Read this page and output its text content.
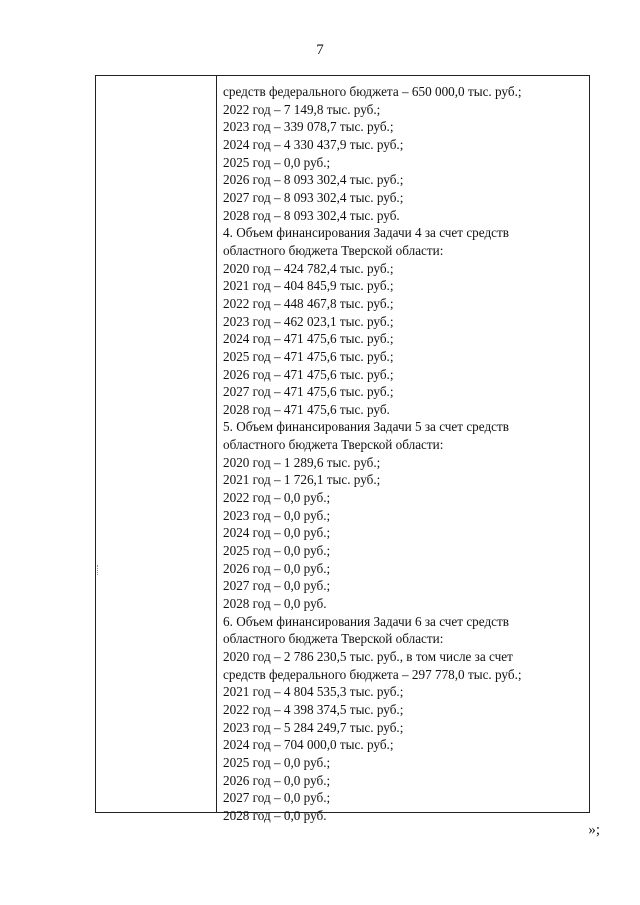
7
средств федерального бюджета – 650 000,0 тыс. руб.;
2022 год – 7 149,8 тыс. руб.;
2023 год – 339 078,7 тыс. руб.;
2024 год – 4 330 437,9 тыс. руб.;
2025 год – 0,0 руб.;
2026 год – 8 093 302,4 тыс. руб.;
2027 год – 8 093 302,4 тыс. руб.;
2028 год – 8 093 302,4 тыс. руб.
4. Объем финансирования Задачи 4 за счет средств
областного бюджета Тверской области:
2020 год – 424 782,4 тыс. руб.;
2021 год – 404 845,9 тыс. руб.;
2022 год – 448 467,8 тыс. руб.;
2023 год – 462 023,1 тыс. руб.;
2024 год – 471 475,6 тыс. руб.;
2025 год – 471 475,6 тыс. руб.;
2026 год – 471 475,6 тыс. руб.;
2027 год – 471 475,6 тыс. руб.;
2028 год – 471 475,6 тыс. руб.
5. Объем финансирования Задачи 5 за счет средств
областного бюджета Тверской области:
2020 год – 1 289,6 тыс. руб.;
2021 год – 1 726,1 тыс. руб.;
2022 год – 0,0 руб.;
2023 год – 0,0 руб.;
2024 год – 0,0 руб.;
2025 год – 0,0 руб.;
2026 год – 0,0 руб.;
2027 год – 0,0 руб.;
2028 год – 0,0 руб.
6. Объем финансирования Задачи 6 за счет средств
областного бюджета Тверской области:
2020 год – 2 786 230,5 тыс. руб., в том числе за счет
средств федерального бюджета – 297 778,0 тыс. руб.;
2021 год – 4 804 535,3 тыс. руб.;
2022 год – 4 398 374,5 тыс. руб.;
2023 год – 5 284 249,7 тыс. руб.;
2024 год – 704 000,0 тыс. руб.;
2025 год – 0,0 руб.;
2026 год – 0,0 руб.;
2027 год – 0,0 руб.;
2028 год – 0,0 руб.
»;
